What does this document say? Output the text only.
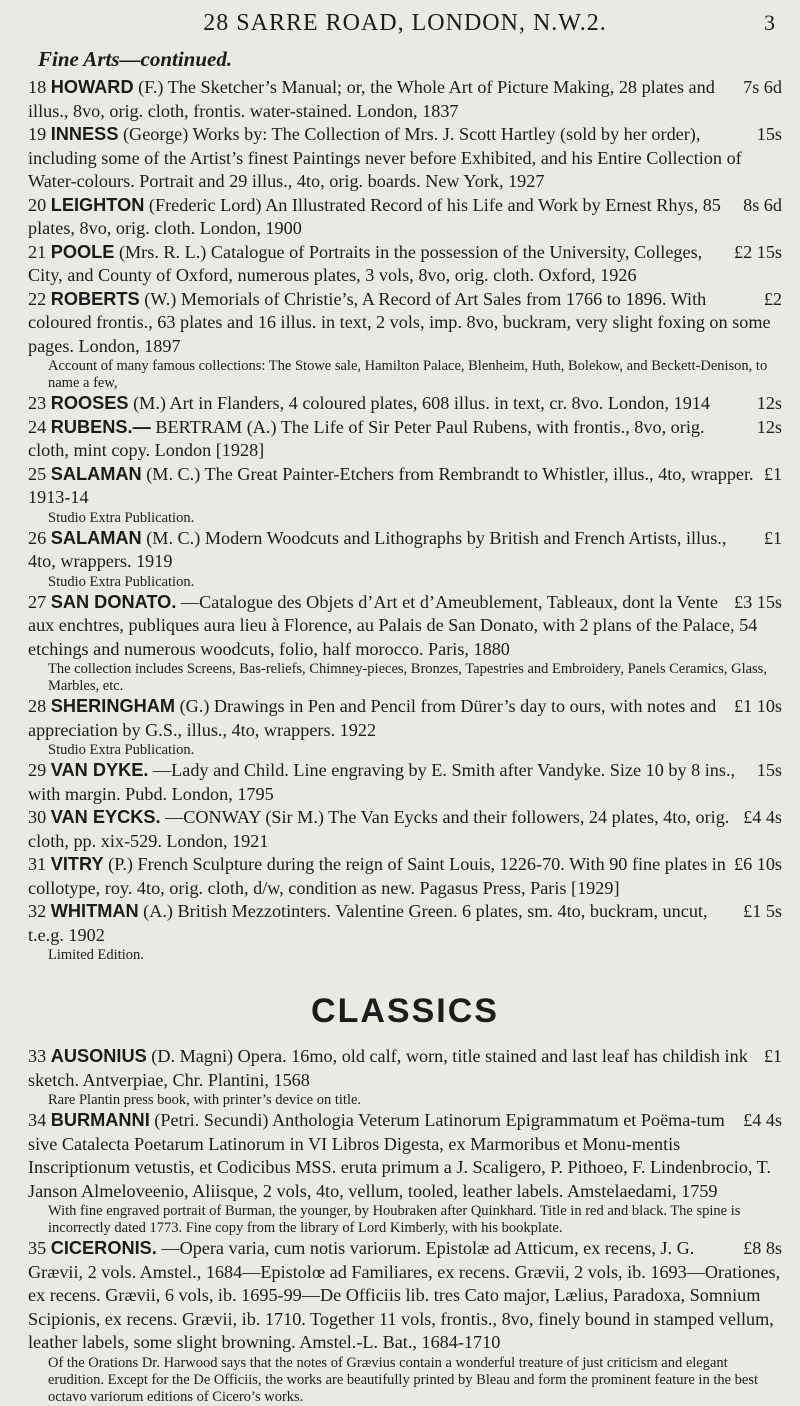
28 SARRE ROAD, LONDON, N.W.2.	3
Fine Arts—continued.
7s 6d
18 HOWARD (F.) The Sketcher’s Manual; or, the Whole Art of Picture Making, 28 plates and illus., 8vo, orig. cloth, frontis. water-stained. London, 1837
15s
19 INNESS (George) Works by: The Collection of Mrs. J. Scott Hartley (sold by her order), including some of the Artist’s finest Paintings never before Exhibited, and his Entire Collection of Water-colours. Portrait and 29 illus., 4to, orig. boards. New York, 1927
8s 6d
20 LEIGHTON (Frederic Lord) An Illustrated Record of his Life and Work by Ernest Rhys, 85 plates, 8vo, orig. cloth. London, 1900
£2 15s
21 POOLE (Mrs. R. L.) Catalogue of Portraits in the possession of the University, Colleges, City, and County of Oxford, numerous plates, 3 vols, 8vo, orig. cloth. Oxford, 1926
£2
22 ROBERTS (W.) Memorials of Christie’s, A Record of Art Sales from 1766 to 1896. With coloured frontis., 63 plates and 16 illus. in text, 2 vols, imp. 8vo, buckram, very slight foxing on some pages. London, 1897
Account of many famous collections: The Stowe sale, Hamilton Palace, Blenheim, Huth, Bolekow, and Beckett-Denison, to name a few,
12s
23 ROOSES (M.) Art in Flanders, 4 coloured plates, 608 illus. in text, cr. 8vo. London, 1914
12s
24 RUBENS.— BERTRAM (A.) The Life of Sir Peter Paul Rubens, with frontis., 8vo, orig. cloth, mint copy. London [1928]
£1
25 SALAMAN (M. C.) The Great Painter-Etchers from Rembrandt to Whistler, illus., 4to, wrapper. 1913-14
Studio Extra Publication.
£1
26 SALAMAN (M. C.) Modern Woodcuts and Lithographs by British and French Artists, illus., 4to, wrappers. 1919
Studio Extra Publication.
£3 15s
27 SAN DONATO. —Catalogue des Objets d’Art et d’Ameublement, Tableaux, dont la Vente aux enchtres, publiques aura lieu à Florence, au Palais de San Donato, with 2 plans of the Palace, 54 etchings and numerous woodcuts, folio, half morocco. Paris, 1880
The collection includes Screens, Bas-reliefs, Chimney-pieces, Bronzes, Tapestries and Embroidery, Panels Ceramics, Glass, Marbles, etc.
£1 10s
28 SHERINGHAM (G.) Drawings in Pen and Pencil from Dürer’s day to ours, with notes and appreciation by G.S., illus., 4to, wrappers. 1922
Studio Extra Publication.
15s
29 VAN DYKE. —Lady and Child. Line engraving by E. Smith after Vandyke. Size 10 by 8 ins., with margin. Pubd. London, 1795
£4 4s
30 VAN EYCKS. —CONWAY (Sir M.) The Van Eycks and their followers, 24 plates, 4to, orig. cloth, pp. xix-529. London, 1921
£6 10s
31 VITRY (P.) French Sculpture during the reign of Saint Louis, 1226-70. With 90 fine plates in collotype, roy. 4to, orig. cloth, d/w, condition as new. Pagasus Press, Paris [1929]
£1 5s
32 WHITMAN (A.) British Mezzotinters. Valentine Green. 6 plates, sm. 4to, buckram, uncut, t.e.g. 1902
Limited Edition.
CLASSICS
£1
33 AUSONIUS (D. Magni) Opera. 16mo, old calf, worn, title stained and last leaf has childish ink sketch. Antverpiae, Chr. Plantini, 1568
Rare Plantin press book, with printer’s device on title.
£4 4s
34 BURMANNI (Petri. Secundi) Anthologia Veterum Latinorum Epigrammatum et Poëma-tum sive Catalecta Poetarum Latinorum in VI Libros Digesta, ex Marmoribus et Monu-mentis Inscriptionum vetustis, et Codicibus MSS. eruta primum a J. Scaligero, P. Pithoeo, F. Lindenbrocio, T. Janson Almeloveenio, Aliisque, 2 vols, 4to, vellum, tooled, leather labels. Amstelaedami, 1759
With fine engraved portrait of Burman, the younger, by Houbraken after Quinkhard. Title in red and black. The spine is incorrectly dated 1773. Fine copy from the library of Lord Kimberly, with his bookplate.
£8 8s
35 CICERONIS. —Opera varia, cum notis variorum. Epistolæ ad Atticum, ex recens, J. G. Grævii, 2 vols. Amstel., 1684—Epistolœ ad Familiares, ex recens. Grævii, 2 vols, ib. 1693—Orationes, ex recens. Grævii, 6 vols, ib. 1695-99—De Officiis lib. tres Cato major, Lælius, Paradoxa, Somnium Scipionis, ex recens. Grævii, ib. 1710. Together 11 vols, frontis., 8vo, finely bound in stamped vellum, leather labels, some slight browning. Amstel.-L. Bat., 1684-1710
Of the Orations Dr. Harwood says that the notes of Grævius contain a wonderful treature of just criticism and elegant erudition. Except for the De Officiis, the works are beautifully printed by Bleau and form the prominent feature in the best octavo variorum editions of Cicero’s works.
